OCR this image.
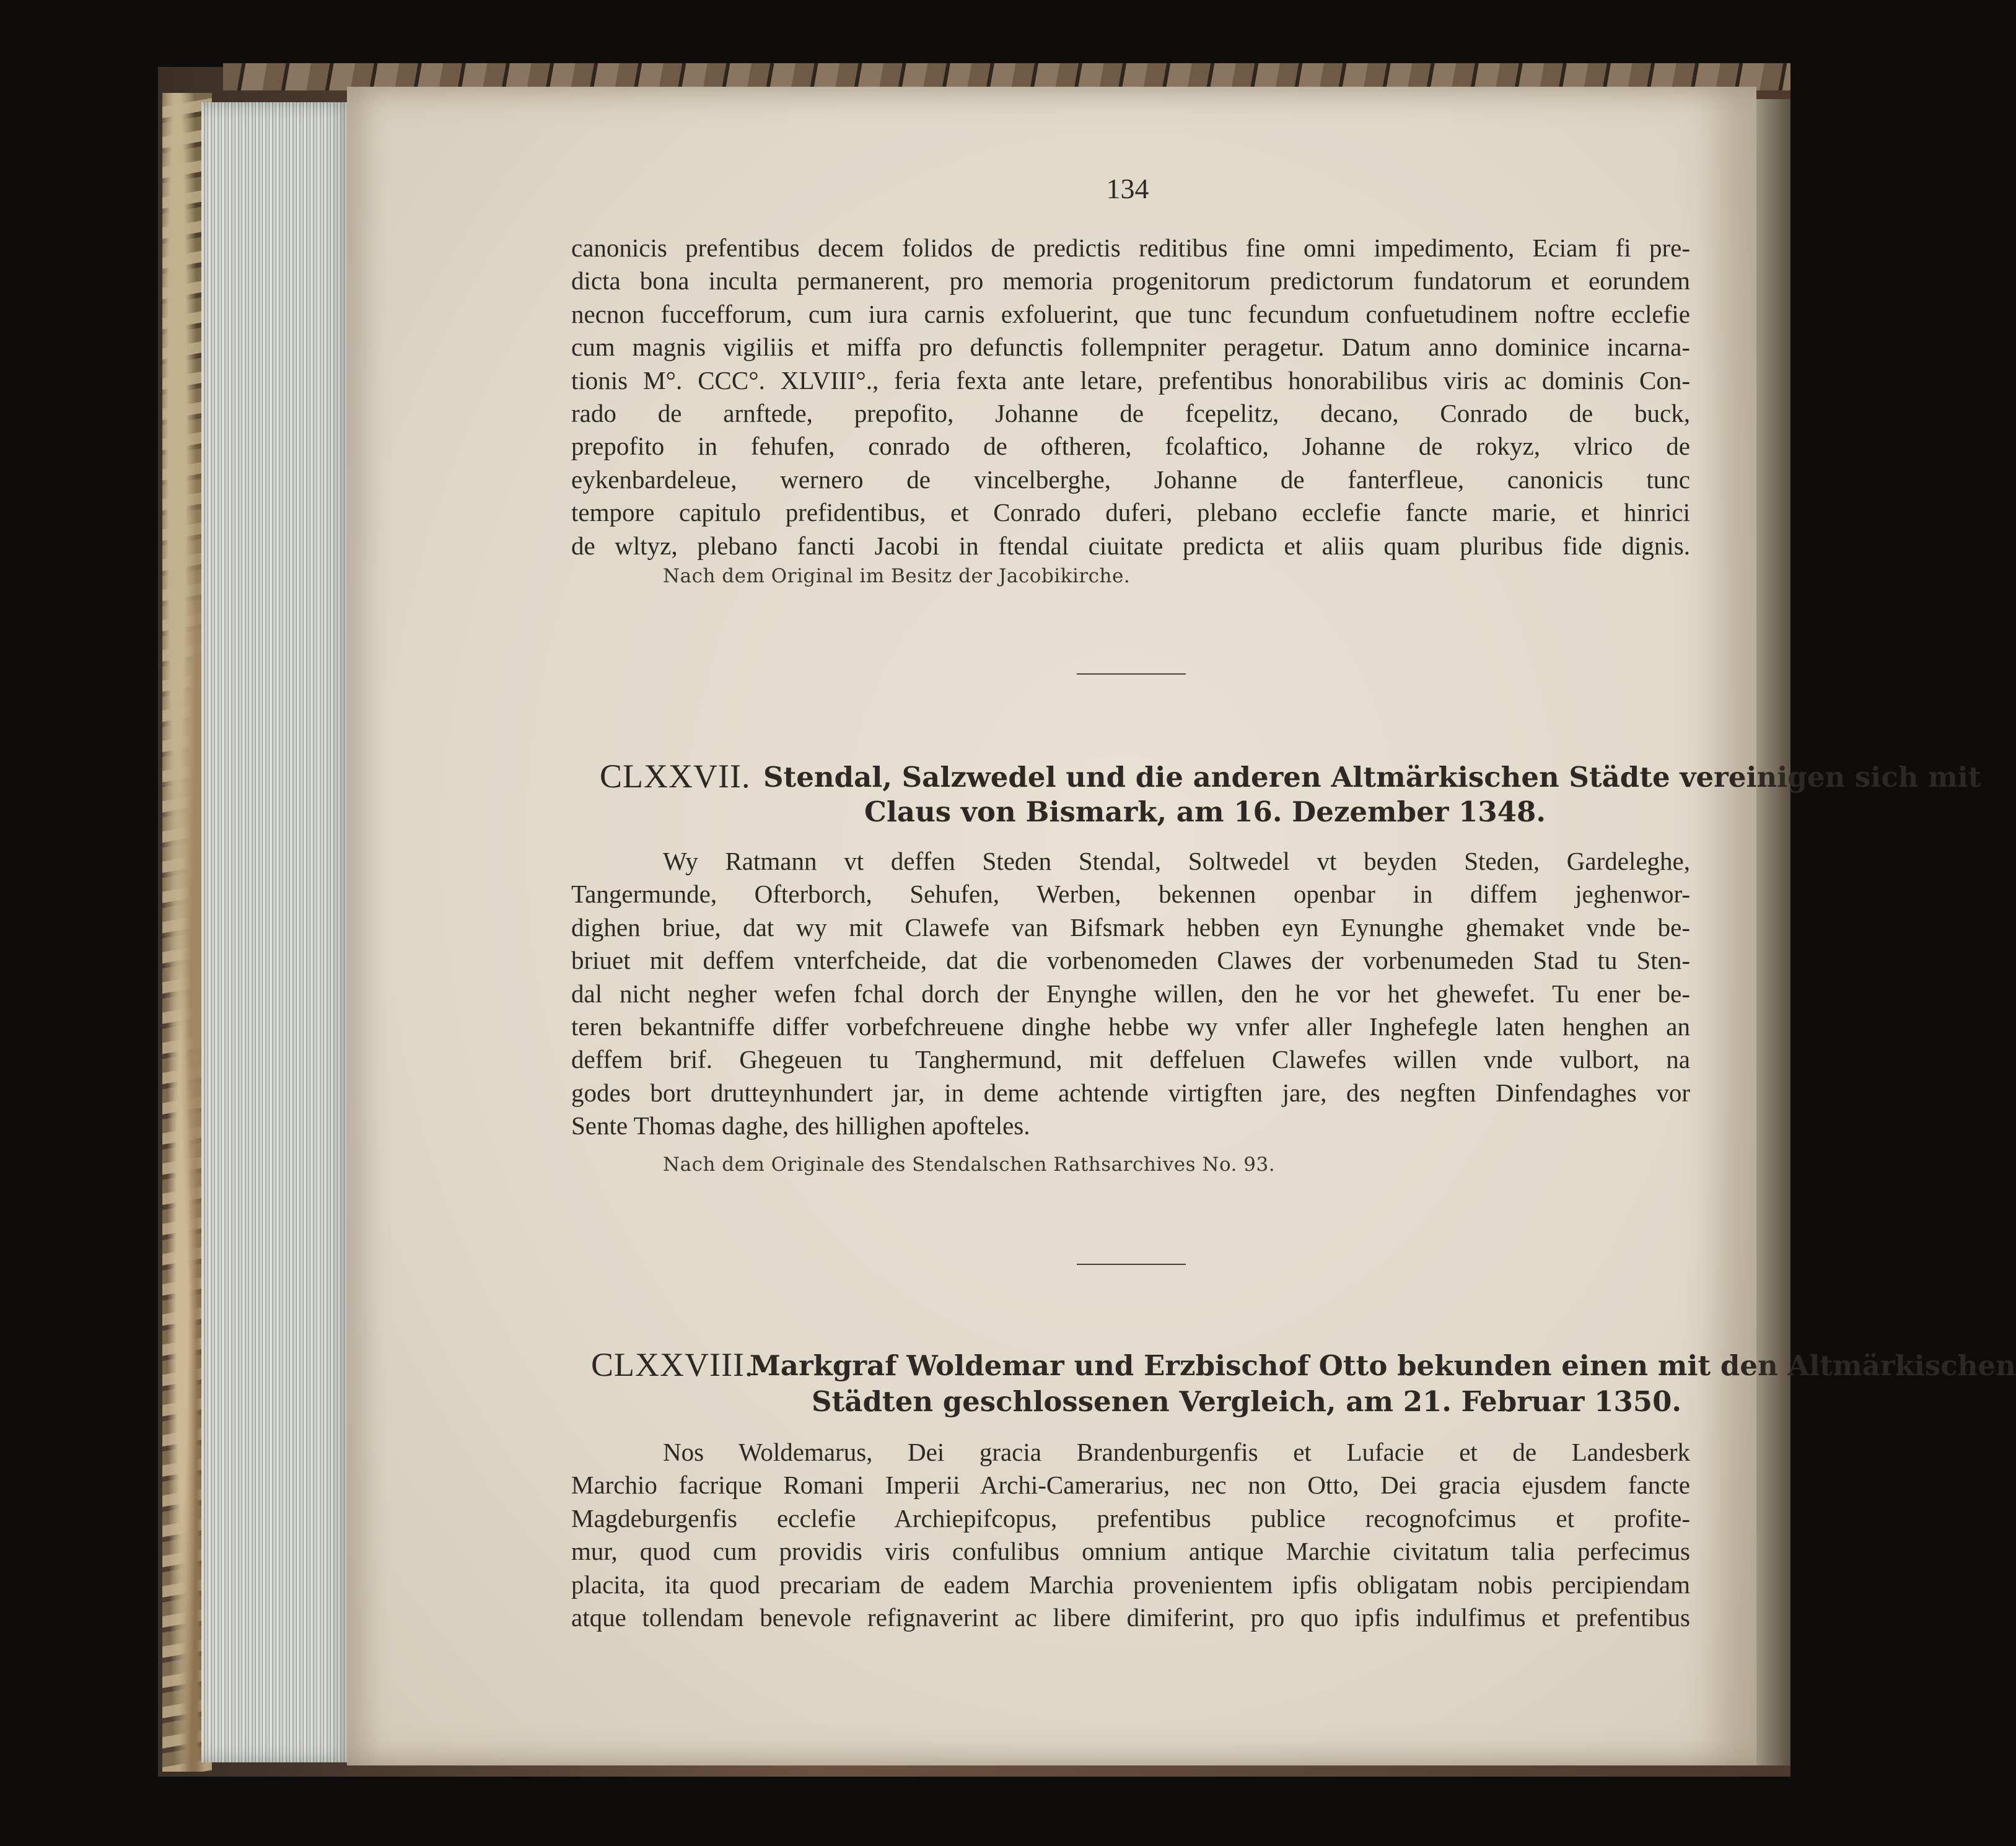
134
canonicis prefentibus decem folidos de predictis reditibus fine omni impedimento, Eciam fi pre-
dicta bona inculta permanerent, pro memoria progenitorum predictorum fundatorum et eorundem
necnon fuccefforum, cum iura carnis exfoluerint, que tunc fecundum confuetudinem noftre ecclefie
cum magnis vigiliis et miffa pro defunctis follempniter peragetur. Datum anno dominice incarna-
tionis M°. CCC°. XLVIII°., feria fexta ante letare, prefentibus honorabilibus viris ac dominis Con-
rado de arnftede, prepofito, Johanne de fcepelitz, decano, Conrado de buck,
prepofito in fehufen, conrado de oftheren, fcolaftico, Johanne de rokyz, vlrico de
eykenbardeleue, wernero de vincelberghe, Johanne de fanterfleue, canonicis tunc
tempore capitulo prefidentibus, et Conrado duferi, plebano ecclefie fancte marie, et hinrici
de wltyz, plebano fancti Jacobi in ftendal ciuitate predicta et aliis quam pluribus fide dignis.
Nach dem Original im Besitz der Jacobikirche.
CLXXVII. Stendal, Salzwedel und die anderen Altmärkischen Städte vereinigen sich mit
Claus von Bismark, am 16. Dezember 1348.
Wy Ratmann vt deffen Steden Stendal, Soltwedel vt beyden Steden, Gardeleghe,
Tangermunde, Ofterborch, Sehufen, Werben, bekennen openbar in diffem jeghenwor-
dighen briue, dat wy mit Clawefe van Bifsmark hebben eyn Eynunghe ghemaket vnde be-
briuet mit deffem vnterfcheide, dat die vorbenomeden Clawes der vorbenumeden Stad tu Sten-
dal nicht negher wefen fchal dorch der Enynghe willen, den he vor het ghewefet. Tu ener be-
teren bekantniffe differ vorbefchreuene dinghe hebbe wy vnfer aller Inghefegle laten henghen an
deffem brif. Ghegeuen tu Tanghermund, mit deffeluen Clawefes willen vnde vulbort, na
godes bort drutteynhundert jar, in deme achtende virtigften jare, des negften Dinfendaghes vor
Sente Thomas daghe, des hillighen apofteles.
Nach dem Originale des Stendalschen Rathsarchives No. 93.
CLXXVIII.
Markgraf Woldemar und Erzbischof Otto bekunden einen mit den Altmärkischen
Städten geschlossenen Vergleich, am 21. Februar 1350.
Nos Woldemarus, Dei gracia Brandenburgenfis et Lufacie et de Landesberk
Marchio facrique Romani Imperii Archi-Camerarius, nec non Otto, Dei gracia ejusdem fancte
Magdeburgenfis ecclefie Archiepifcopus, prefentibus publice recognofcimus et profite-
mur, quod cum providis viris confulibus omnium antique Marchie civitatum talia perfecimus
placita, ita quod precariam de eadem Marchia provenientem ipfis obligatam nobis percipiendam
atque tollendam benevole refignaverint ac libere dimiferint, pro quo ipfis indulfimus et prefentibus
